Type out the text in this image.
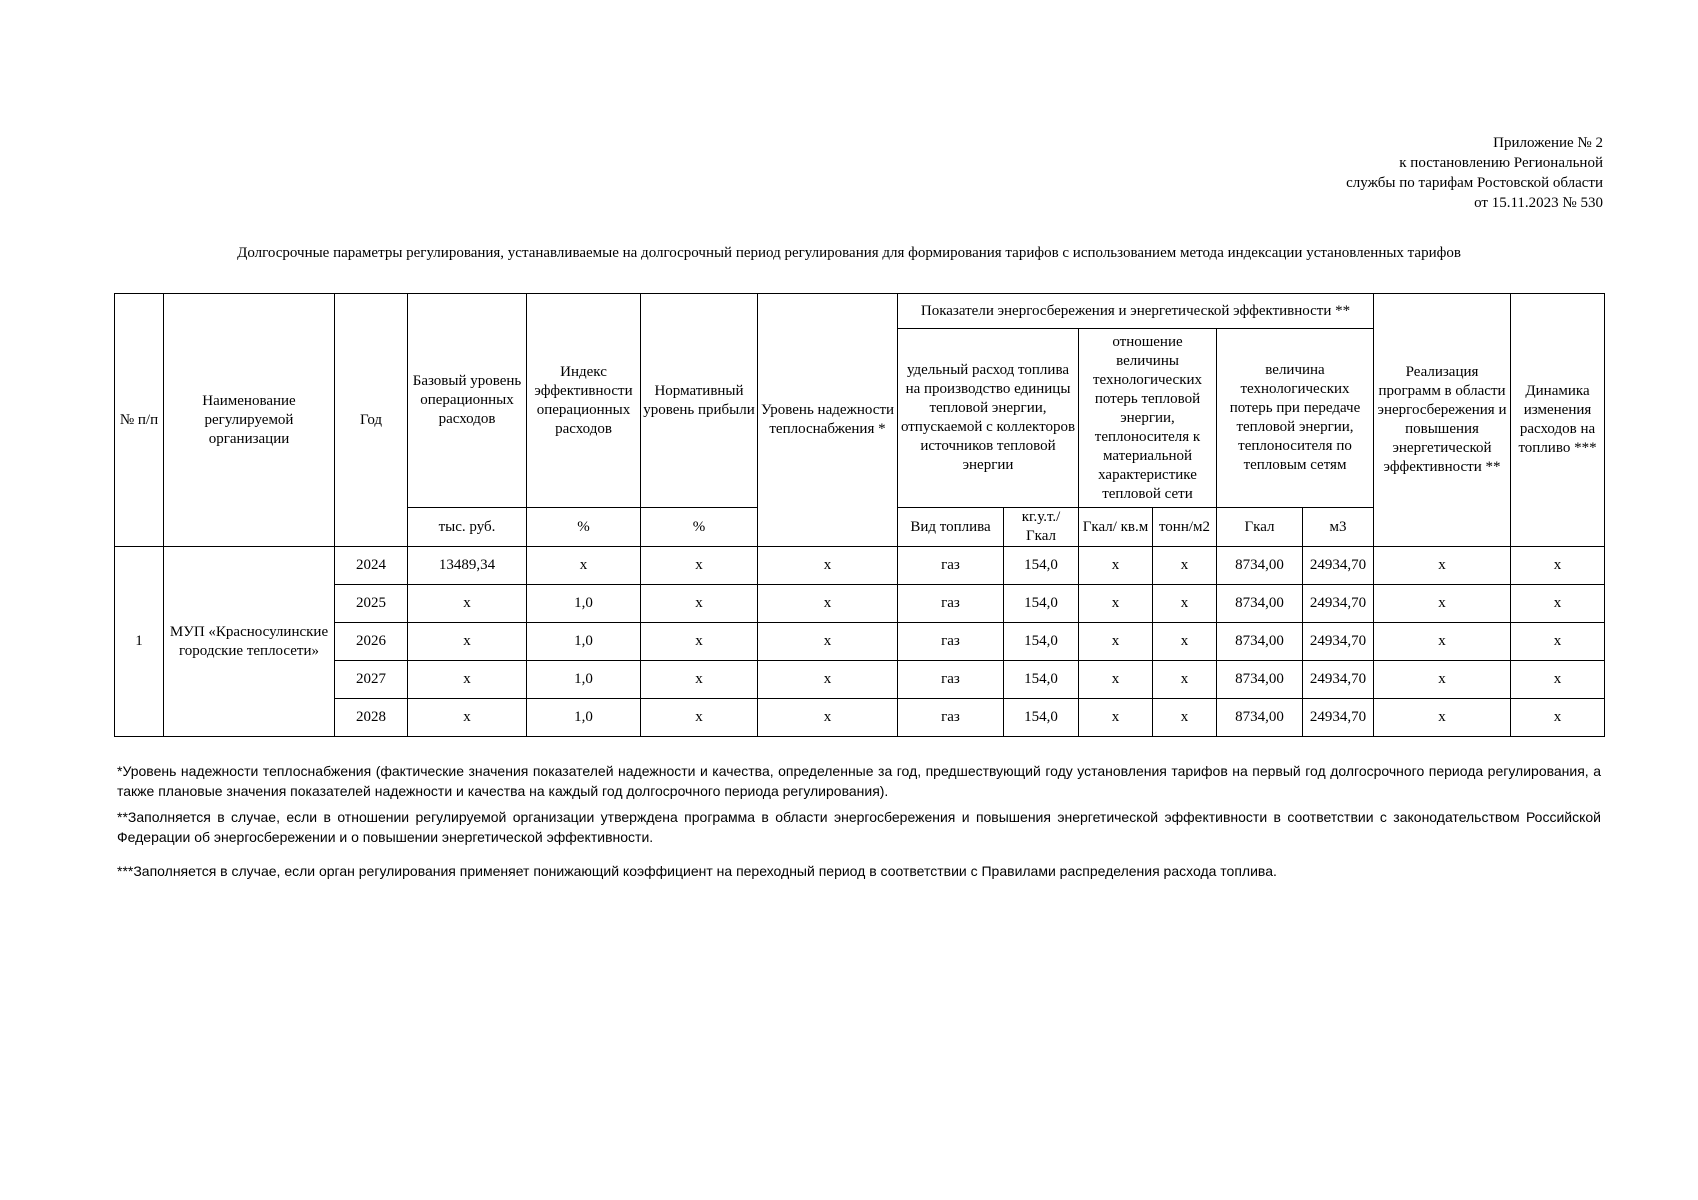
Приложение № 2
к постановлению Региональной
службы по тарифам Ростовской области
от 15.11.2023 № 530
Долгосрочные параметры регулирования, устанавливаемые на долгосрочный период регулирования для формирования тарифов с использованием метода индексации установленных тарифов
№ п/п	Наименование регулируемой организации	Год	Базовый уровень операционных расходов	Индекс эффективности операционных расходов	Нормативный уровень прибыли	Уровень надежности теплоснабжения *	Показатели энергосбережения и энергетической эффективности **						Реализация программ в области энергосбережения и повышения энергетической эффективности **	Динамика изменения расходов на топливо ***
							удельный расход топлива на производство единицы тепловой энергии, отпускаемой с коллекторов источников тепловой энергии		отношение величины технологических потерь тепловой энергии, теплоносителя к материальной характеристике тепловой сети		величина технологических потерь при передаче тепловой энергии, теплоносителя по тепловым сетям			
			тыс. руб.	%	%		Вид топлива	кг.у.т./ Гкал	Гкал/ кв.м	тонн/м2	Гкал	м3		
1	МУП «Красносулинские городские теплосети»	2024	13489,34	х	х	х	газ	154,0	х	х	8734,00	24934,70	х	х
		2025	х	1,0	х	х	газ	154,0	х	х	8734,00	24934,70	х	х
		2026	х	1,0	х	х	газ	154,0	х	х	8734,00	24934,70	х	х
		2027	х	1,0	х	х	газ	154,0	х	х	8734,00	24934,70	х	х
		2028	х	1,0	х	х	газ	154,0	х	х	8734,00	24934,70	х	х

*Уровень надежности теплоснабжения (фактические значения показателей надежности и качества, определенные за год, предшествующий году установления тарифов на первый год долгосрочного периода регулирования, а также плановые значения показателей надежности и качества на каждый год долгосрочного периода регулирования).

**Заполняется в случае, если в отношении регулируемой организации утверждена программа в области энергосбережения и повышения энергетической эффективности в соответствии с законодательством Российской Федерации об энергосбережении и о повышении энергетической эффективности.

***Заполняется в случае, если орган регулирования применяет понижающий коэффициент на переходный период в соответствии с Правилами распределения расхода топлива.
